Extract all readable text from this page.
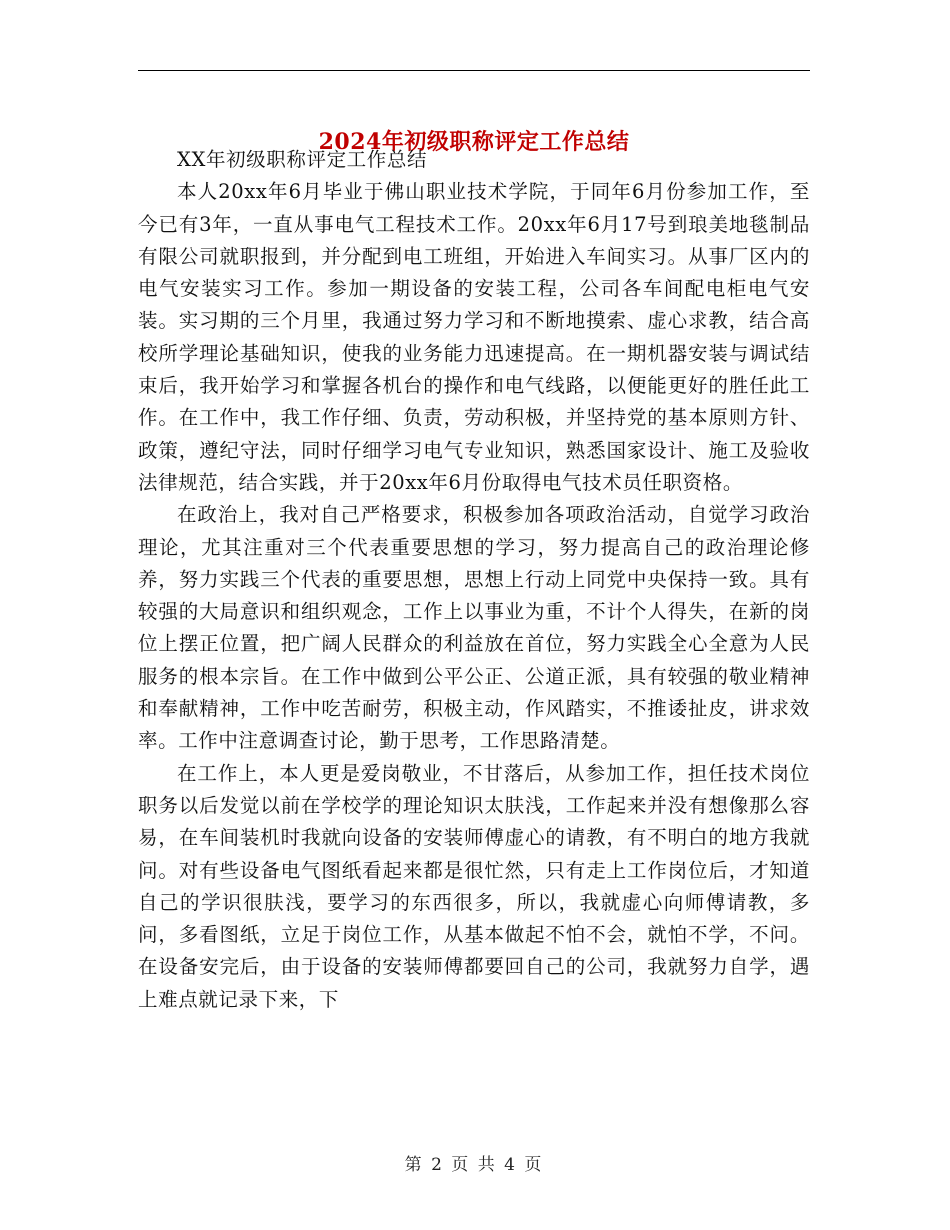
2024年初级职称评定工作总结

XX年初级职称评定工作总结

本人20xx年6月毕业于佛山职业技术学院，于同年6月份参加工作，至今已有3年，一直从事电气工程技术工作。20xx年6月17号到琅美地毯制品有限公司就职报到，并分配到电工班组，开始进入车间实习。从事厂区内的电气安装实习工作。参加一期设备的安装工程，公司各车间配电柜电气安装。实习期的三个月里，我通过努力学习和不断地摸索、虚心求教，结合高校所学理论基础知识，使我的业务能力迅速提高。在一期机器安装与调试结束后，我开始学习和掌握各机台的操作和电气线路，以便能更好的胜任此工作。在工作中，我工作仔细、负责，劳动积极，并坚持党的基本原则方针、政策，遵纪守法，同时仔细学习电气专业知识，熟悉国家设计、施工及验收法律规范，结合实践，并于20xx年6月份取得电气技术员任职资格。

在政治上，我对自己严格要求，积极参加各项政治活动，自觉学习政治理论，尤其注重对三个代表重要思想的学习，努力提高自己的政治理论修养，努力实践三个代表的重要思想，思想上行动上同党中央保持一致。具有较强的大局意识和组织观念，工作上以事业为重，不计个人得失，在新的岗位上摆正位置，把广阔人民群众的利益放在首位，努力实践全心全意为人民服务的根本宗旨。在工作中做到公平公正、公道正派，具有较强的敬业精神和奉献精神，工作中吃苦耐劳，积极主动，作风踏实，不推诿扯皮，讲求效率。工作中注意调查讨论，勤于思考，工作思路清楚。

在工作上，本人更是爱岗敬业，不甘落后，从参加工作，担任技术岗位职务以后发觉以前在学校学的理论知识太肤浅，工作起来并没有想像那么容易，在车间装机时我就向设备的安装师傅虚心的请教，有不明白的地方我就问。对有些设备电气图纸看起来都是很忙然，只有走上工作岗位后，才知道自己的学识很肤浅，要学习的东西很多，所以，我就虚心向师傅请教，多问，多看图纸，立足于岗位工作，从基本做起不怕不会，就怕不学，不问。在设备安完后，由于设备的安装师傅都要回自己的公司，我就努力自学，遇上难点就记录下来，下

第 2 页 共 4 页
